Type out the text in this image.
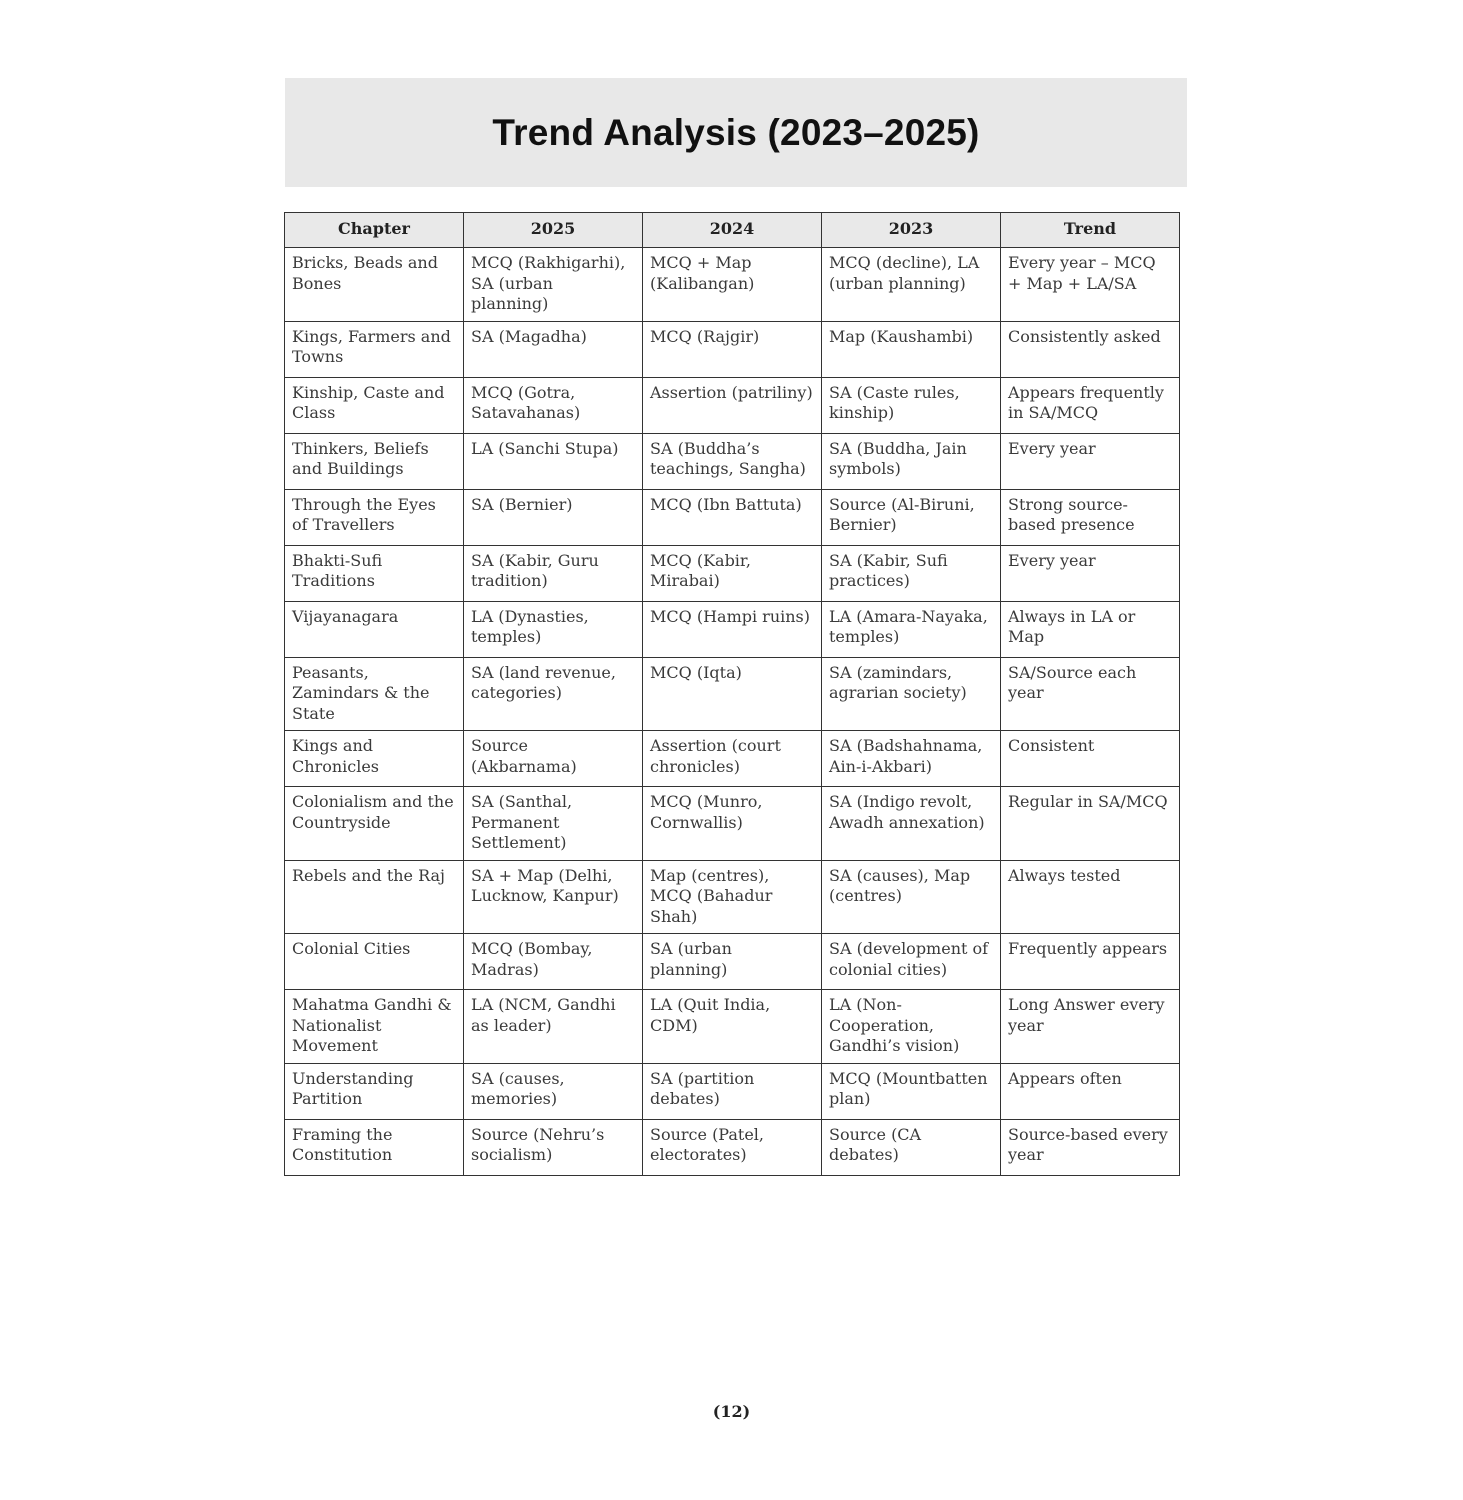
Trend Analysis (2023–2025)
Chapter	2025	2024	2023	Trend
Bricks, Beads and Bones	MCQ (Rakhigarhi), SA (urban planning)	MCQ + Map (Kalibangan)	MCQ (decline), LA (urban planning)	Every year – MCQ + Map + LA/SA
Kings, Farmers and Towns	SA (Magadha)	MCQ (Rajgir)	Map (Kaushambi)	Consistently asked
Kinship, Caste and Class	MCQ (Gotra, Satavahanas)	Assertion (patriliny)	SA (Caste rules, kinship)	Appears frequently in SA/MCQ
Thinkers, Beliefs and Buildings	LA (Sanchi Stupa)	SA (Buddha’s teachings, Sangha)	SA (Buddha, Jain symbols)	Every year
Through the Eyes of Travellers	SA (Bernier)	MCQ (Ibn Battuta)	Source (Al-Biruni, Bernier)	Strong source-based presence
Bhakti-Sufi Traditions	SA (Kabir, Guru tradition)	MCQ (Kabir, Mirabai)	SA (Kabir, Sufi practices)	Every year
Vijayanagara	LA (Dynasties, temples)	MCQ (Hampi ruins)	LA (Amara-Nayaka, temples)	Always in LA or Map
Peasants, Zamindars & the State	SA (land revenue, categories)	MCQ (Iqta)	SA (zamindars, agrarian society)	SA/Source each year
Kings and Chronicles	Source (Akbarnama)	Assertion (court chronicles)	SA (Badshahnama, Ain-i-Akbari)	Consistent
Colonialism and the Countryside	SA (Santhal, Permanent Settlement)	MCQ (Munro, Cornwallis)	SA (Indigo revolt, Awadh annexation)	Regular in SA/MCQ
Rebels and the Raj	SA + Map (Delhi, Lucknow, Kanpur)	Map (centres), MCQ (Bahadur Shah)	SA (causes), Map (centres)	Always tested
Colonial Cities	MCQ (Bombay, Madras)	SA (urban planning)	SA (development of colonial cities)	Frequently appears
Mahatma Gandhi & Nationalist Movement	LA (NCM, Gandhi as leader)	LA (Quit India, CDM)	LA (Non-Cooperation, Gandhi’s vision)	Long Answer every year
Understanding Partition	SA (causes, memories)	SA (partition debates)	MCQ (Mountbatten plan)	Appears often
Framing the Constitution	Source (Nehru’s socialism)	Source (Patel, electorates)	Source (CA debates)	Source-based every year
(12)
